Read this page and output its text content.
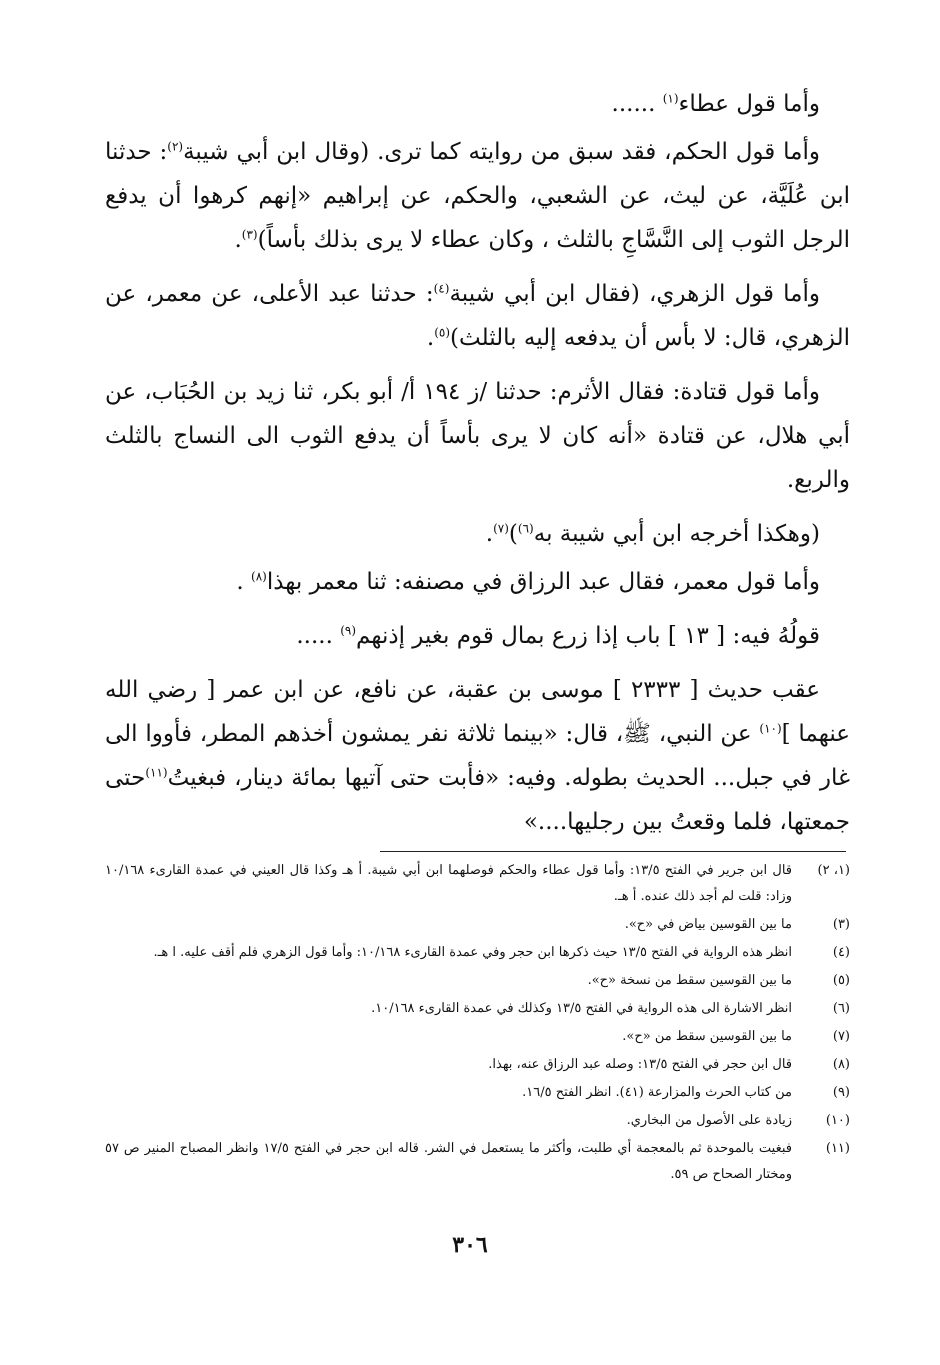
وأما قول عطاء$^{(١)}$ ......

وأما قول الحكم، فقد سبق من روايته كما ترى. (وقال ابن أبي شيبة$^{(٢)}$: حدثنا ابن عُلَيَّة، عن ليث، عن الشعبي، والحكم، عن إبراهيم «إنهم كرهوا أن يدفع الرجل الثوب إلى النَّسَّاجِ بالثلث ، وكان عطاء لا يرى بذلك بأساً)$^{(٣)}$.

وأما قول الزهري، (فقال ابن أبي شيبة$^{(٤)}$: حدثنا عبد الأعلى، عن معمر، عن الزهري، قال: لا بأس أن يدفعه إليه بالثلث)$^{(٥)}$.

وأما قول قتادة: فقال الأثرم: حدثنا /ز ١٩٤ أ/ أبو بكر، ثنا زيد بن الحُبَاب، عن أبي هلال، عن قتادة «أنه كان لا يرى بأساً أن يدفع الثوب الى النساج بالثلث والربع.

(وهكذا أخرجه ابن أبي شيبة به$^{(٦)}$)$^{(٧)}$.

وأما قول معمر، فقال عبد الرزاق في مصنفه: ثنا معمر بهذا$^{(٨)}$ .

قولُهُ فيه: [ ١٣ ] باب إذا زرع بمال قوم بغير إذنهم$^{(٩)}$ .....

عقب حديث [ ٢٣٣٣ ] موسى بن عقبة، عن نافع، عن ابن عمر [ رضي الله عنهما ]$^{(١٠)}$ عن النبي، ﷺ، قال: «بينما ثلاثة نفر يمشون أخذهم المطر، فأووا الى غار في جبل... الحديث بطوله. وفيه: «فأبت حتى آتيها بمائة دينار، فبغيتُ$^{(١١)}$حتى جمعتها، فلما وقعتُ بين رجليها....»

(١، ٢)
قال ابن جرير في الفتح ١٣/٥: وأما قول عطاء والحكم فوصلهما ابن أبي شيبة. أ هـ وكذا قال العيني في عمدة القارىء ١٠/١٦٨ وزاد: قلت لم أجد ذلك عنده. أ هـ.
(٣)
ما بين القوسين بياض في «ح».
(٤)
انظر هذه الرواية في الفتح ١٣/٥ حيث ذكرها ابن حجر وفي عمدة القارىء ١٠/١٦٨: وأما قول الزهري فلم أقف عليه. ا هـ.
(٥)
ما بين القوسين سقط من نسخة «ح».
(٦)
انظر الاشارة الى هذه الرواية في الفتح ١٣/٥ وكذلك في عمدة القارىء ١٠/١٦٨.
(٧)
ما بين القوسين سقط من «ح».
(٨)
قال ابن حجر في الفتح ١٣/٥: وصله عبد الرزاق عنه، بهذا.
(٩)
من كتاب الحرث والمزارعة (٤١). انظر الفتح ١٦/٥.
(١٠)
زيادة على الأصول من البخاري.
(١١)
فبغيت بالموحدة ثم بالمعجمة أي طلبت، وأكثر ما يستعمل في الشر. قاله ابن حجر في الفتح ١٧/٥ وانظر المصباح المنير ص ٥٧ ومختار الصحاح ص ٥٩.
٣٠٦
